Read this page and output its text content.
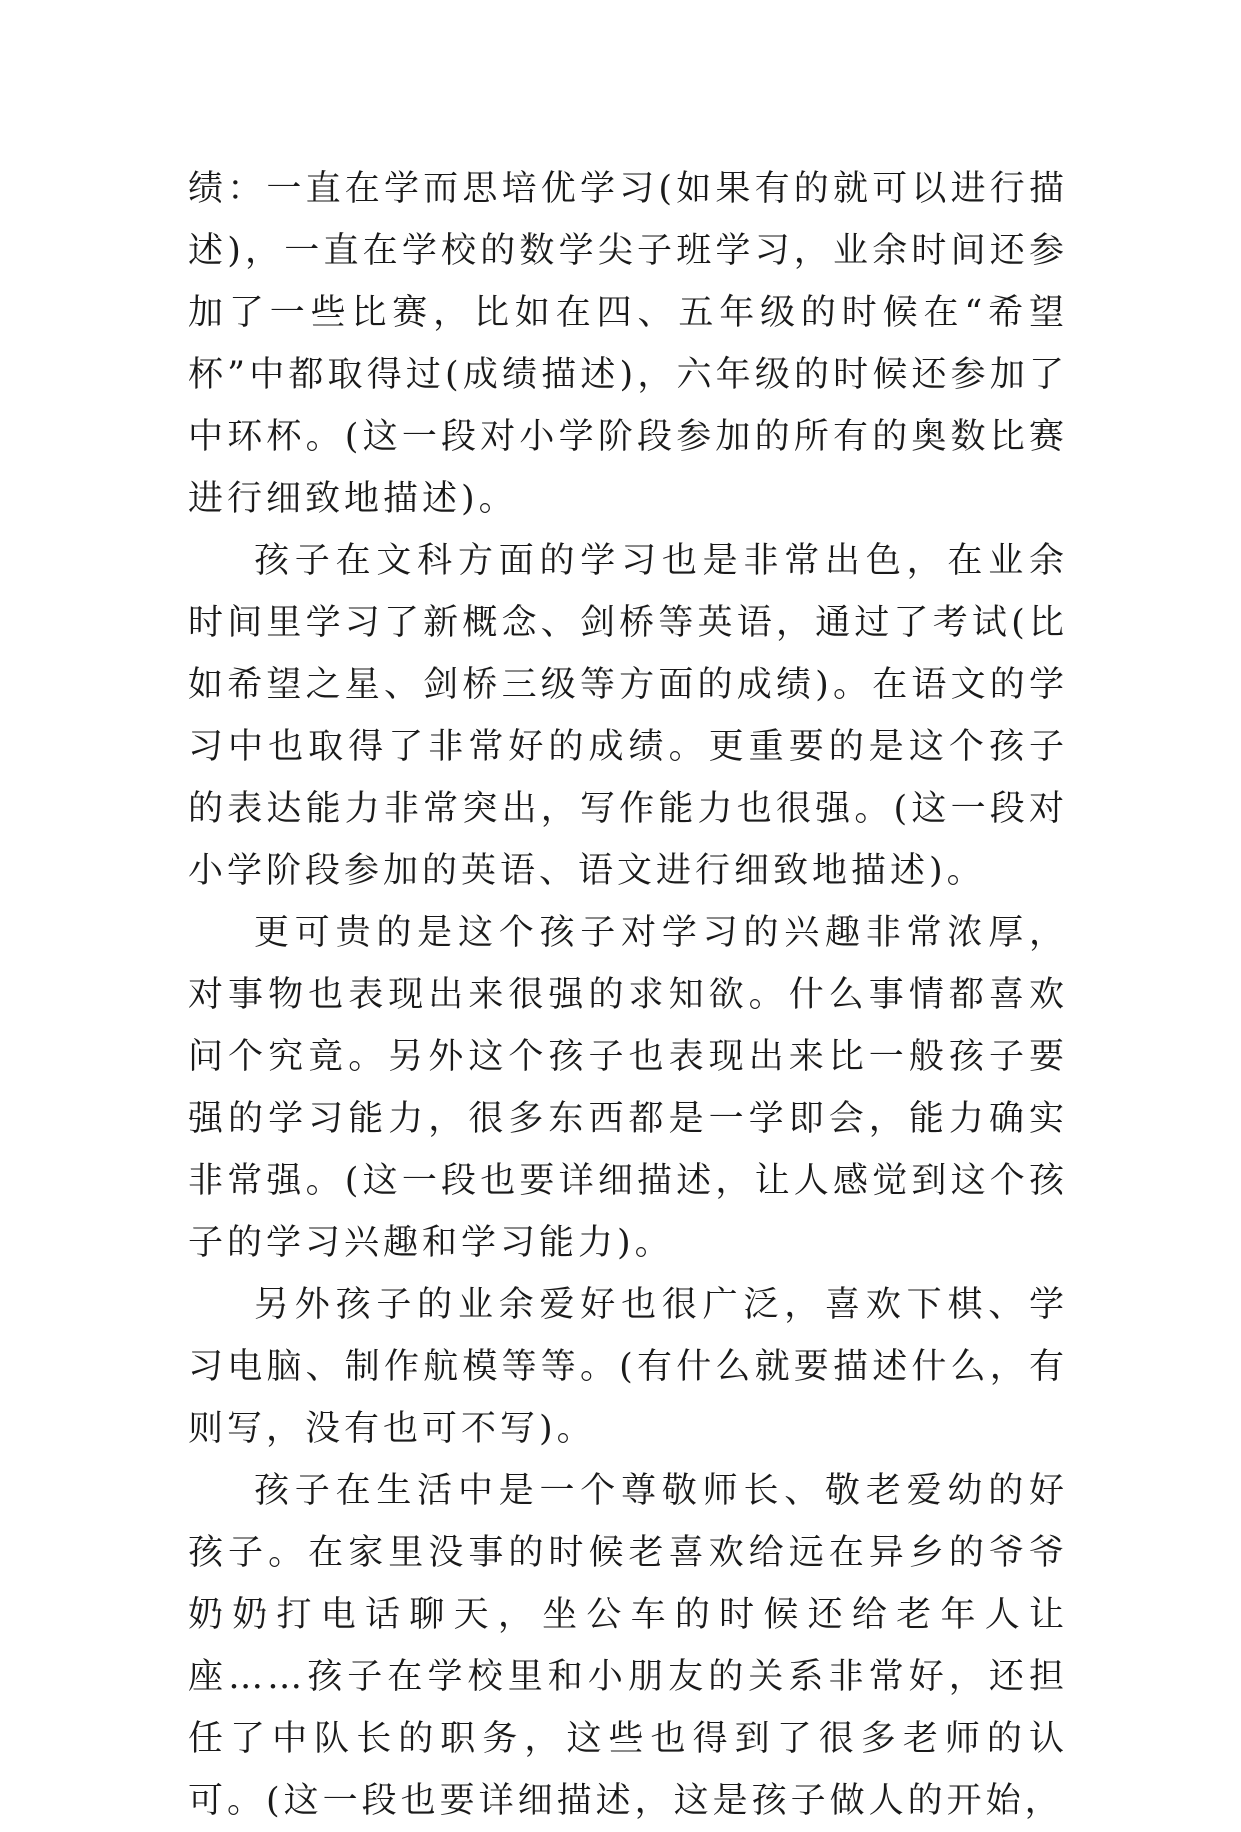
绩：一直在学而思培优学习(如果有的就可以进行描述)，一直在学校的数学尖子班学习，业余时间还参加了一些比赛，比如在四、五年级的时候在“希望杯”中都取得过(成绩描述)，六年级的时候还参加了中环杯。(这一段对小学阶段参加的所有的奥数比赛进行细致地描述)。

孩子在文科方面的学习也是非常出色，在业余时间里学习了新概念、剑桥等英语，通过了考试(比如希望之星、剑桥三级等方面的成绩)。在语文的学习中也取得了非常好的成绩。更重要的是这个孩子的表达能力非常突出，写作能力也很强。(这一段对小学阶段参加的英语、语文进行细致地描述)。

更可贵的是这个孩子对学习的兴趣非常浓厚，对事物也表现出来很强的求知欲。什么事情都喜欢问个究竟。另外这个孩子也表现出来比一般孩子要强的学习能力，很多东西都是一学即会，能力确实非常强。(这一段也要详细描述，让人感觉到这个孩子的学习兴趣和学习能力)。

另外孩子的业余爱好也很广泛，喜欢下棋、学习电脑、制作航模等等。(有什么就要描述什么，有则写，没有也可不写)。

孩子在生活中是一个尊敬师长、敬老爱幼的好孩子。在家里没事的时候老喜欢给远在异乡的爷爷奶奶打电话聊天，坐公车的时候还给老年人让座……孩子在学校里和小朋友的关系非常好，还担任了中队长的职务，这些也得到了很多老师的认可。(这一段也要详细描述，这是孩子做人的开始，
